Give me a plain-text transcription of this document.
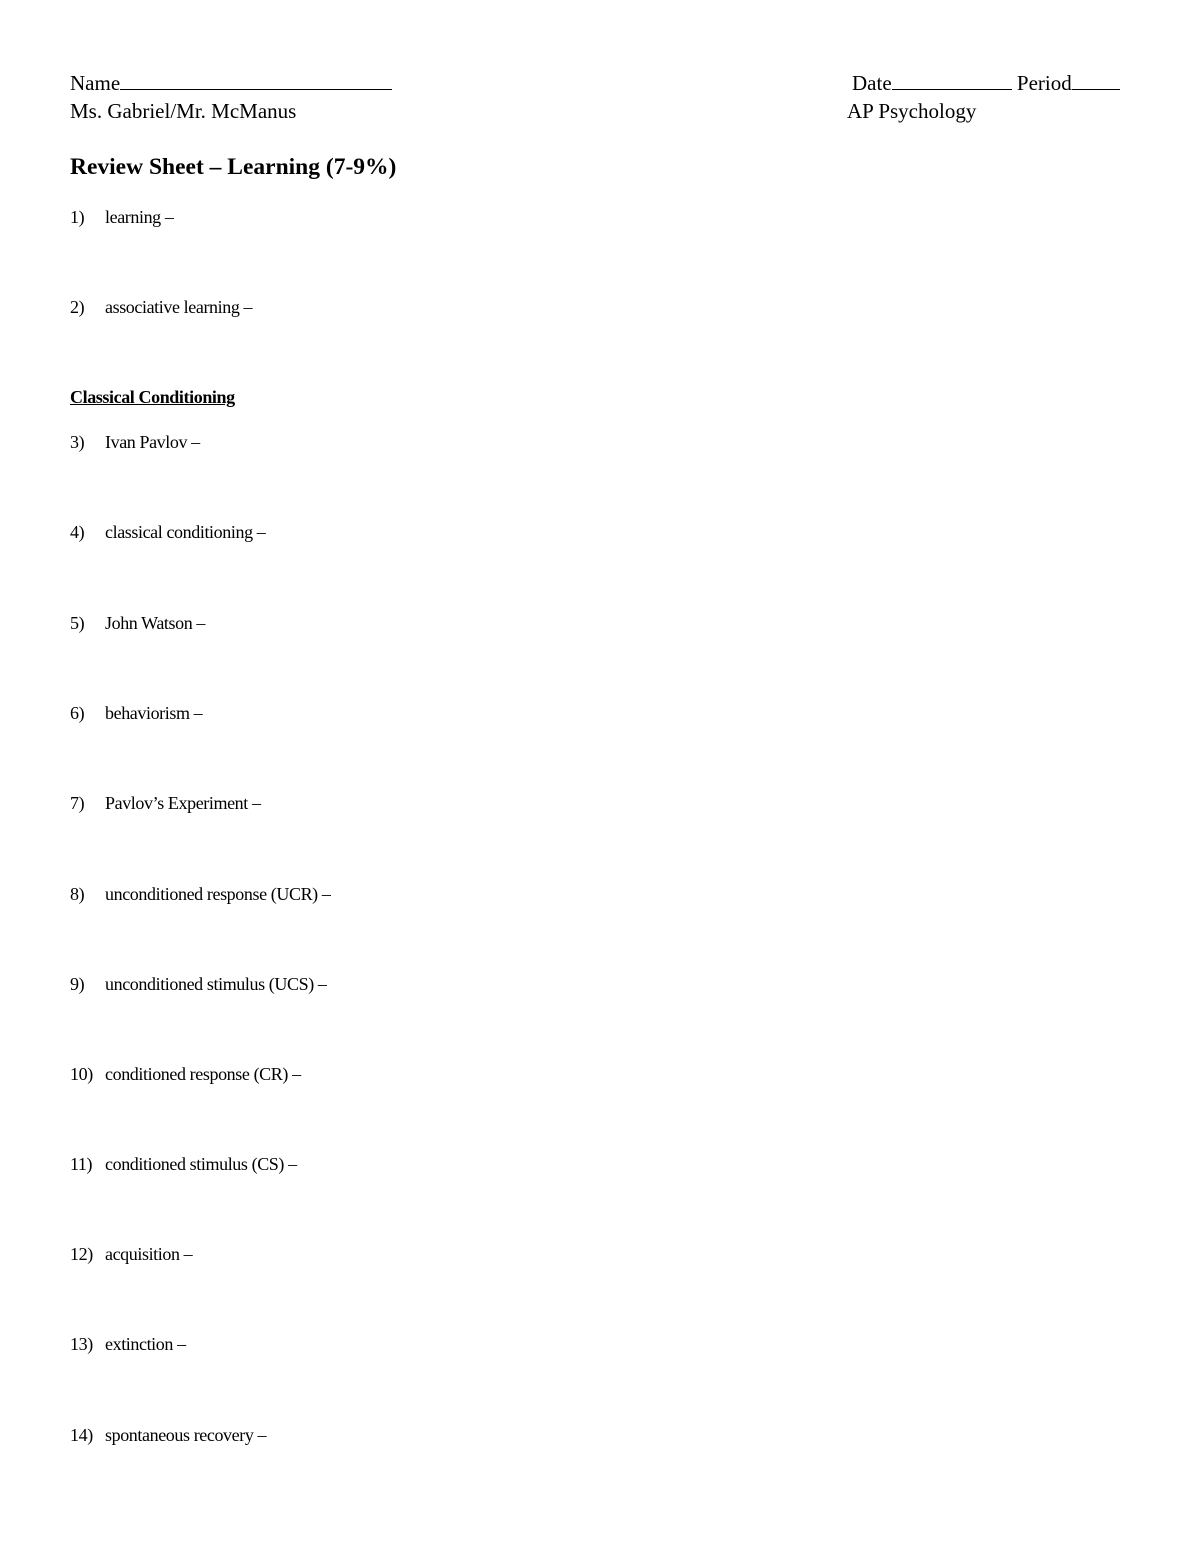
Name
Ms. Gabriel/Mr. McManus
Date	Period
AP Psychology
Review Sheet – Learning (7-9%)
1) learning –
2) associative learning –
Classical Conditioning
3) Ivan Pavlov –
4) classical conditioning –
5) John Watson –
6) behaviorism –
7) Pavlov’s Experiment –
8) unconditioned response (UCR) –
9) unconditioned stimulus (UCS) –
10) conditioned response (CR) –
11) conditioned stimulus (CS) –
12) acquisition –
13) extinction –
14) spontaneous recovery –
